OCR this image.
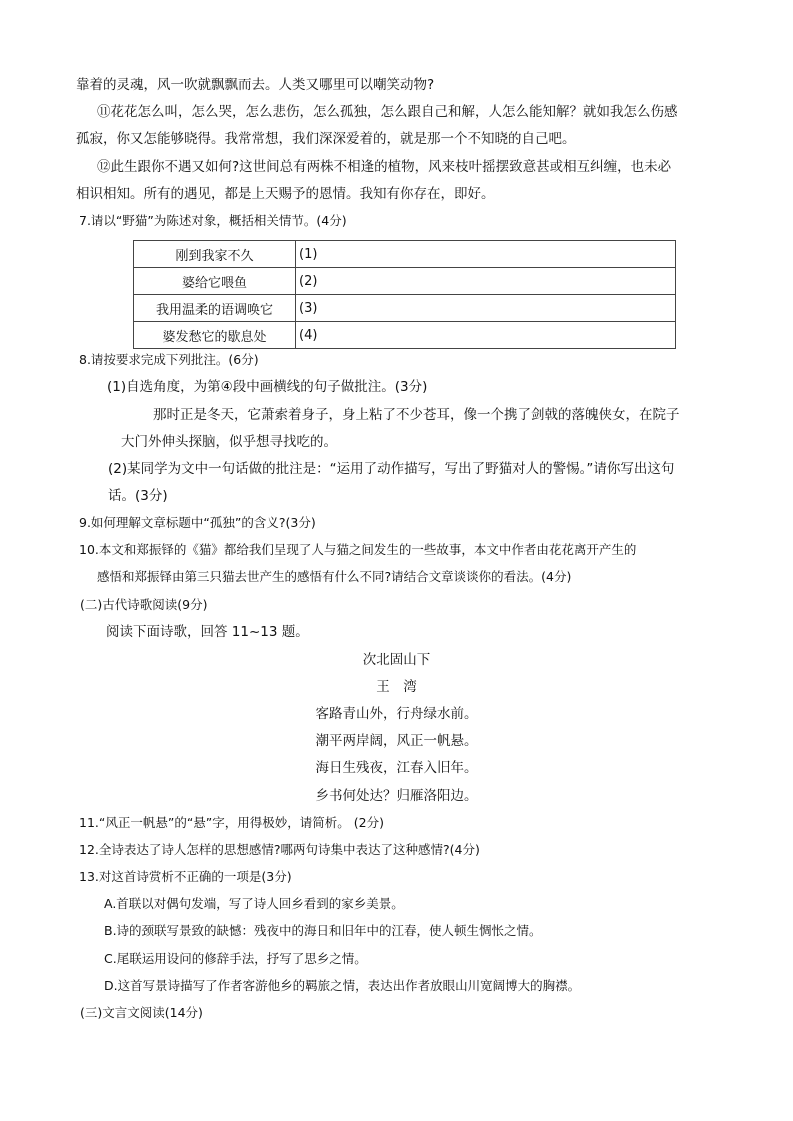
靠着的灵魂，风一吹就飘飘而去。人类又哪里可以嘲笑动物?
⑪花花怎么叫，怎么哭，怎么悲伤，怎么孤独，怎么跟自己和解，人怎么能知解？就如我怎么伤感
孤寂，你又怎能够晓得。我常常想，我们深深爱着的，就是那一个不知晓的自己吧。
⑫此生跟你不遇又如何?这世间总有两株不相逢的植物，风来枝叶摇摆致意甚或相互纠缠，也未必
相识相知。所有的遇见，都是上天赐予的恩情。我知有你存在，即好。
7.请以“野猫”为陈述对象，概括相关情节。(4分)
刚到我家不久	(1)
婆给它喂鱼	(2)
我用温柔的语调唤它	(3)
婆发愁它的歇息处	(4)
8.请按要求完成下列批注。(6分)
(1)自选角度，为第④段中画横线的句子做批注。(3分)
那时正是冬天，它萧索着身子，身上粘了不少苍耳，像一个携了剑戟的落魄侠女，在院子
大门外伸头探脑，似乎想寻找吃的。
(2)某同学为文中一句话做的批注是：“运用了动作描写，写出了野猫对人的警惕。”请你写出这句
话。(3分)
9.如何理解文章标题中“孤独”的含义?(3分)
10.本文和郑振铎的《猫》都给我们呈现了人与猫之间发生的一些故事，本文中作者由花花离开产生的
感悟和郑振铎由第三只猫去世产生的感悟有什么不同?请结合文章谈谈你的看法。(4分)
(二)古代诗歌阅读(9分)
阅读下面诗歌，回答 11~13 题。
次北固山下
王　湾
客路青山外，行舟绿水前。
潮平两岸阔，风正一帆悬。
海日生残夜，江春入旧年。
乡书何处达？归雁洛阳边。
11.“风正一帆悬”的“悬”字，用得极妙，请简析。 (2分)
12.全诗表达了诗人怎样的思想感情?哪两句诗集中表达了这种感情?(4分)
13.对这首诗赏析不正确的一项是(3分)
A.首联以对偶句发端，写了诗人回乡看到的家乡美景。
B.诗的颈联写景致的缺憾：残夜中的海日和旧年中的江春，使人顿生惆怅之情。
C.尾联运用设问的修辞手法，抒写了思乡之情。
D.这首写景诗描写了作者客游他乡的羁旅之情，表达出作者放眼山川宽阔博大的胸襟。
(三)文言文阅读(14分)
